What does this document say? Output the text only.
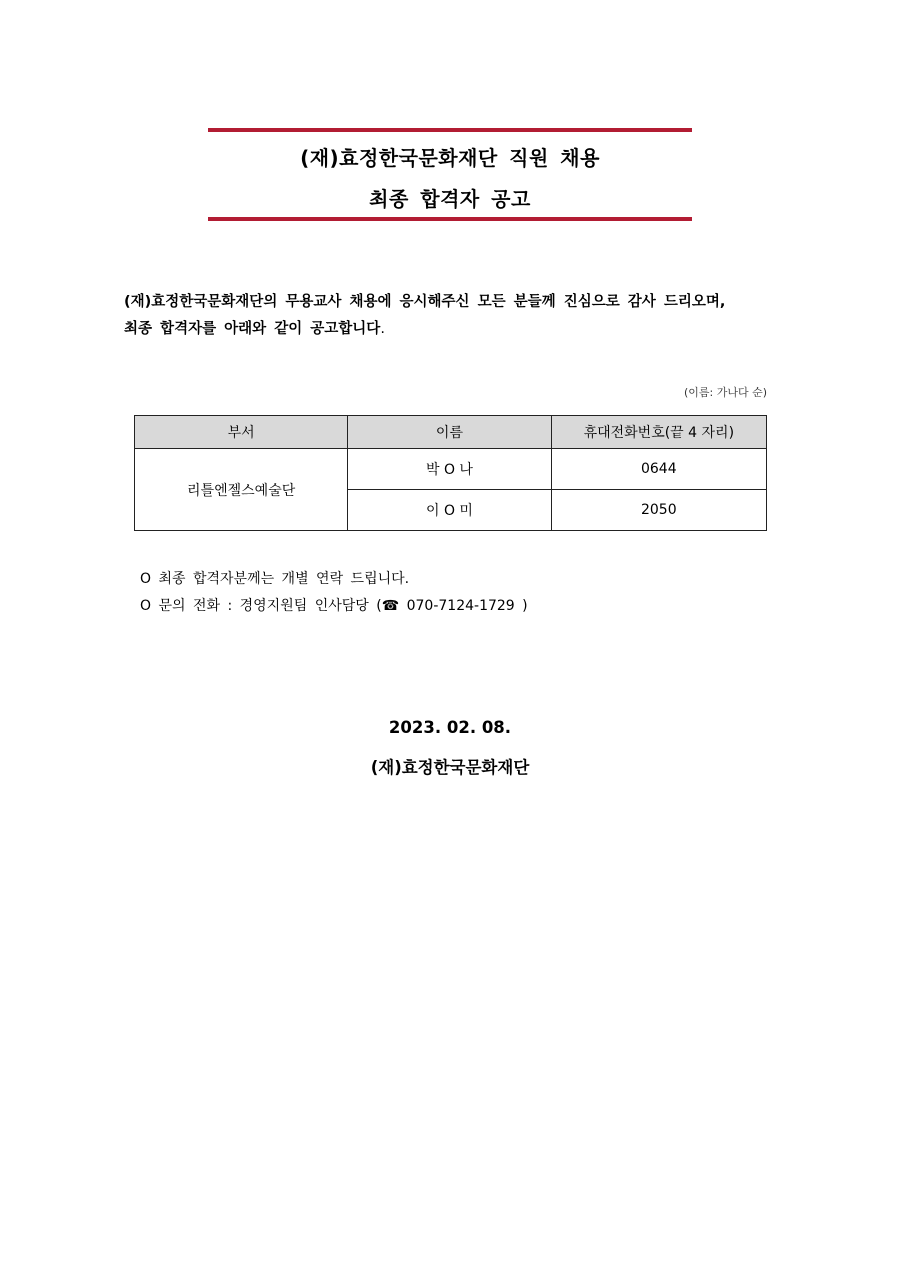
(재)효정한국문화재단 직원 채용
최종 합격자 공고
(재)효정한국문화재단의 무용교사 채용에 응시해주신 모든 분들께 진심으로 감사 드리오며,
최종 합격자를 아래와 같이 공고합니다.
(이름: 가나다 순)
부서	이름	휴대전화번호(끝 4 자리)
리틀엔젤스예술단	박 O 나	0644
	이 O 미	2050
O 최종 합격자분께는 개별 연락 드립니다.
O 문의 전화 : 경영지원팀 인사담당 (☎ 070-7124-1729 )
2023. 02. 08.
(재)효정한국문화재단
